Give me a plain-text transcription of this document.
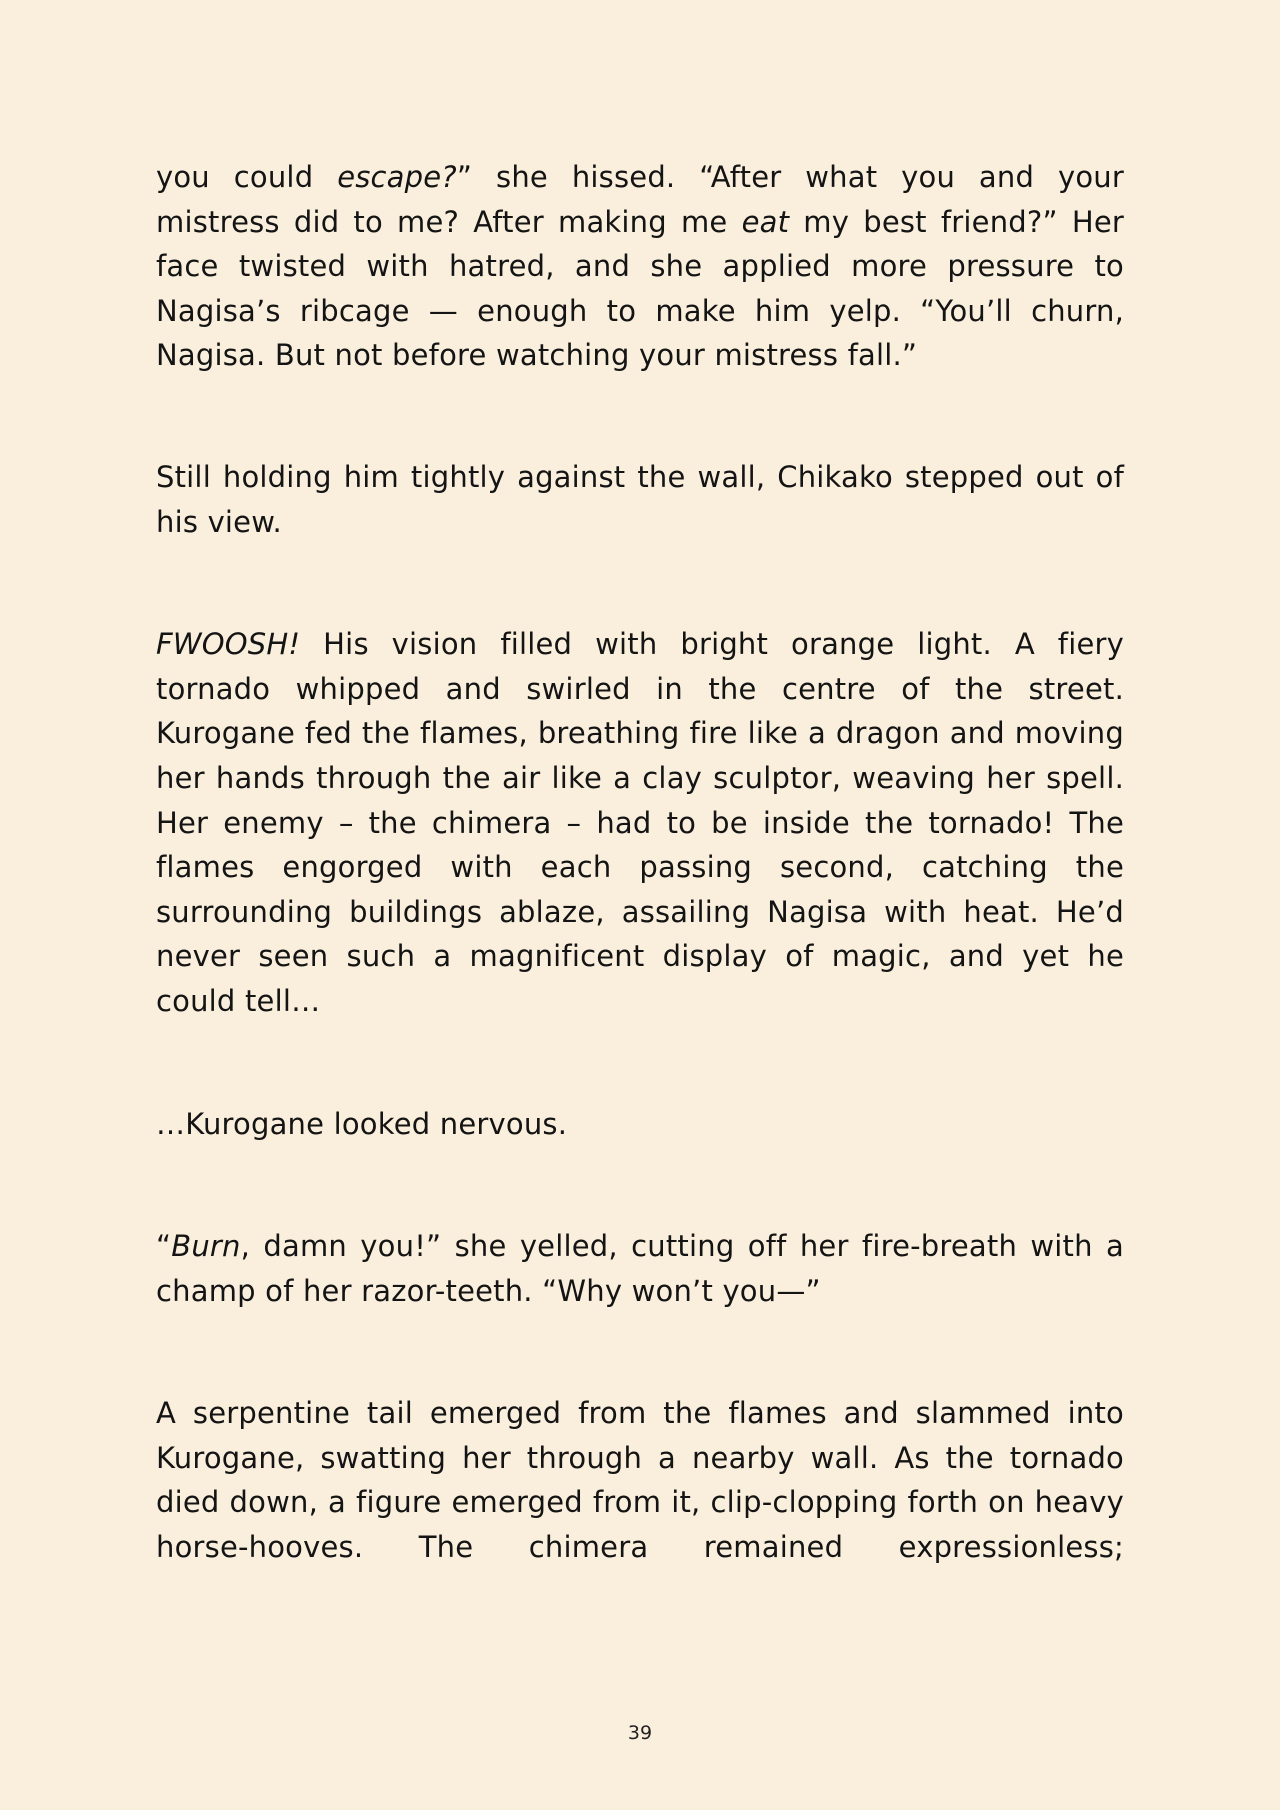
you could escape?” she hissed. “After what you and your mistress did to me? After making me eat my best friend?” Her face twisted with hatred, and she applied more pressure to Nagisa’s ribcage — enough to make him yelp. “You’ll churn, Nagisa. But not before watching your mistress fall.”

Still holding him tightly against the wall, Chikako stepped out of his view.

FWOOSH! His vision filled with bright orange light. A fiery tornado whipped and swirled in the centre of the street. Kurogane fed the flames, breathing fire like a dragon and moving her hands through the air like a clay sculptor, weaving her spell. Her enemy – the chimera – had to be inside the tornado! The flames engorged with each passing second, catching the surrounding buildings ablaze, assailing Nagisa with heat. He’d never seen such a magnificent display of magic, and yet he could tell…

…Kurogane looked nervous.

“Burn, damn you!” she yelled, cutting off her fire-breath with a champ of her razor-teeth. “Why won’t you—”

A serpentine tail emerged from the flames and slammed into Kurogane, swatting her through a nearby wall. As the tornado died down, a figure emerged from it, clip-clopping forth on heavy horse-hooves. The chimera remained expressionless;

39
